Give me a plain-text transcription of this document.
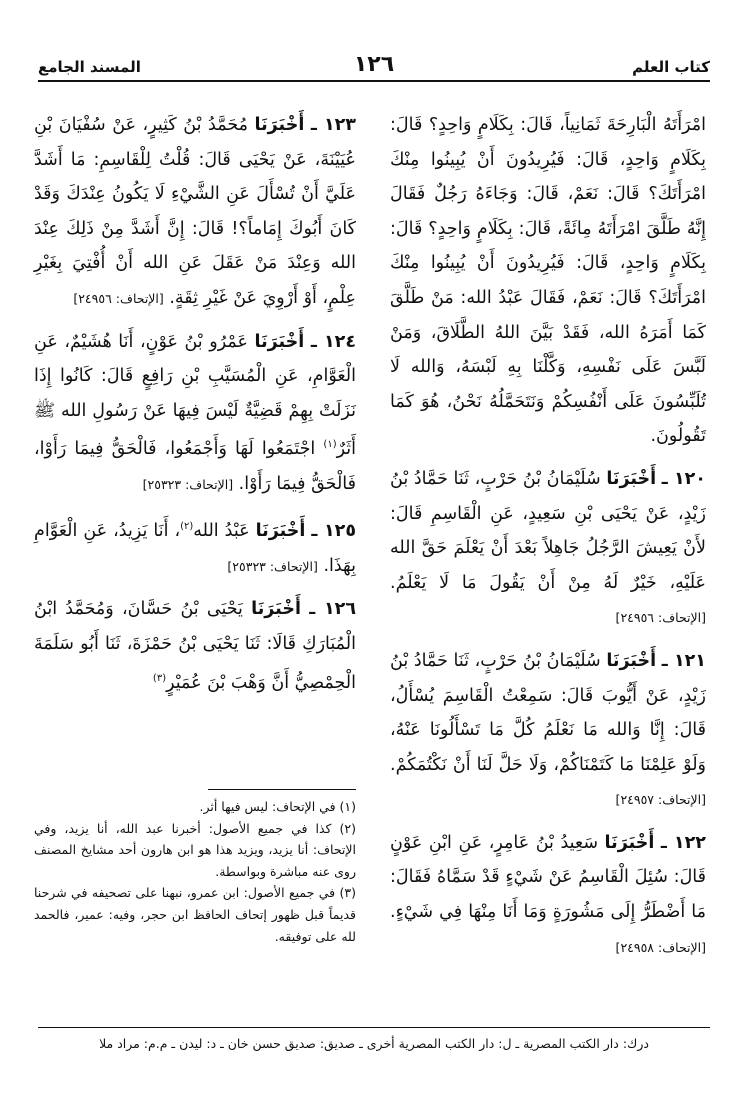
كتاب العلم
١٢٦
المسند الجامع

امْرَأَتَهُ الْبَارِحَةَ ثَمَانِياً، قَالَ: بِكَلَامٍ وَاحِدٍ؟ قَالَ: بِكَلَامٍ وَاحِدٍ، قَالَ: فَيُرِيدُونَ أَنْ يُبِينُوا مِنْكَ امْرَأَتَكَ؟ قَالَ: نَعَمْ، قَالَ: وَجَاءَهُ رَجُلٌ فَقَالَ إِنَّهُ طَلَّقَ امْرَأَتَهُ مِائَةً، قَالَ: بِكَلَامٍ وَاحِدٍ؟ قَالَ: بِكَلَامٍ وَاحِدٍ، قَالَ: فَيُرِيدُونَ أَنْ يُبِينُوا مِنْكَ امْرَأَتَكَ؟ قَالَ: نَعَمْ، فَقَالَ عَبْدُ الله: مَنْ طَلَّقَ كَمَا أَمَرَهُ الله، فَقَدْ بَيَّنَ اللهُ الطَّلَاقَ، وَمَنْ لَبَّسَ عَلَى نَفْسِهِ، وَكَّلْنَا بِهِ لَبْسَهُ، وَالله لَا تُلَبِّسُونَ عَلَى أَنْفُسِكُمْ وَنَتَحَمَّلُهُ نَحْنُ، هُوَ كَمَا تَقُولُونَ.

١٢٠ ـ أَخْبَرَنَا سُلَيْمَانُ بْنُ حَرْبٍ، ثَنَا حَمَّادُ بْنُ زَيْدٍ، عَنْ يَحْيَى بْنِ سَعِيدٍ، عَنِ الْقَاسِمِ قَالَ: لأَنْ يَعِيشَ الرَّجُلُ جَاهِلاً بَعْدَ أَنْ يَعْلَمَ حَقَّ الله عَلَيْهِ، خَيْرٌ لَهُ مِنْ أَنْ يَقُولَ مَا لَا يَعْلَمُ. [الإتحاف: ٢٤٩٥٦]

١٢١ ـ أَخْبَرَنَا سُلَيْمَانُ بْنُ حَرْبٍ، ثَنَا حَمَّادُ بْنُ زَيْدٍ، عَنْ أَيُّوبَ قَالَ: سَمِعْتُ الْقَاسِمَ يُسْأَلُ، قَالَ: إِنَّا وَالله مَا نَعْلَمُ كُلَّ مَا تَسْأَلُونَا عَنْهُ، وَلَوْ عَلِمْنَا مَا كَتَمْنَاكُمْ، وَلَا حَلَّ لَنَا أَنْ نَكْتُمَكُمْ. [الإتحاف: ٢٤٩٥٧]

١٢٢ ـ أَخْبَرَنَا سَعِيدُ بْنُ عَامِرٍ، عَنِ ابْنِ عَوْنٍ قَالَ: سُئِلَ الْقَاسِمُ عَنْ شَيْءٍ قَدْ سَمَّاهُ فَقَالَ: مَا أَضْطَرُّ إِلَى مَشُورَةٍ وَمَا أَنَا مِنْهَا فِي شَيْءٍ. [الإتحاف: ٢٤٩٥٨]

١٢٣ ـ أَخْبَرَنَا مُحَمَّدُ بْنُ كَثِيرٍ، عَنْ سُفْيَانَ بْنِ عُيَيْنَةَ، عَنْ يَحْيَى قَالَ: قُلْتُ لِلْقَاسِمِ: مَا أَشَدَّ عَلَيَّ أَنْ تُسْأَلَ عَنِ الشَّيْءِ لَا يَكُونُ عِنْدَكَ وَقَدْ كَانَ أَبُوكَ إِمَاماً؟! قَالَ: إِنَّ أَشَدَّ مِنْ ذَلِكَ عِنْدَ الله وَعِنْدَ مَنْ عَقَلَ عَنِ الله أَنْ أُفْتِيَ بِغَيْرِ عِلْمٍ، أَوْ أَرْوِيَ عَنْ غَيْرِ ثِقَةٍ. [الإتحاف: ٢٤٩٥٦]

١٢٤ ـ أَخْبَرَنَا عَمْرُو بْنُ عَوْنٍ، أَنَا هُشَيْمٌ، عَنِ الْعَوَّامِ، عَنِ الْمُسَيَّبِ بْنِ رَافِعٍ قَالَ: كَانُوا إِذَا نَزَلَتْ بِهِمْ قَضِيَّةٌ لَيْسَ فِيهَا عَنْ رَسُولِ الله ﷺ أَثَرٌ$^{(١)}$ اجْتَمَعُوا لَهَا وَأَجْمَعُوا، فَالْحَقُّ فِيمَا رَأَوْا، فَالْحَقُّ فِيمَا رَأَوْا. [الإتحاف: ٢٥٣٢٣]

١٢٥ ـ أَخْبَرَنَا عَبْدُ الله$^{(٢)}$، أَنَا يَزِيدُ، عَنِ الْعَوَّامِ بِهَذَا. [الإتحاف: ٢٥٣٢٣]

١٢٦ ـ أَخْبَرَنَا يَحْيَى بْنُ حَسَّانَ، وَمُحَمَّدُ ابْنُ الْمُبَارَكِ قَالَا: ثَنَا يَحْيَى بْنُ حَمْزَةَ، ثَنَا أَبُو سَلَمَةَ الْحِمْصِيُّ أَنَّ وَهْبَ بْنَ عُمَيْرٍ$^{(٣)}$

(١) في الإتحاف: ليس فيها أثر.

(٢) كذا في جميع الأصول: أخبرنا عبد الله، أنا يزيد، وفي الإتحاف: أنا يزيد، ويزيد هذا هو ابن هارون أحد مشايخ المصنف روى عنه مباشرة وبواسطة.

(٣) في جميع الأصول: ابن عمرو، نبهنا على تصحيفه في شرحنا قديماً قبل ظهور إتحاف الحافظ ابن حجر، وفيه: عمير، فالحمد لله على توفيقه.

درك: دار الكتب المصرية ـ ل: دار الكتب المصرية أخرى ـ صديق: صديق حسن خان ـ د: ليدن ـ م.م: مراد ملا
